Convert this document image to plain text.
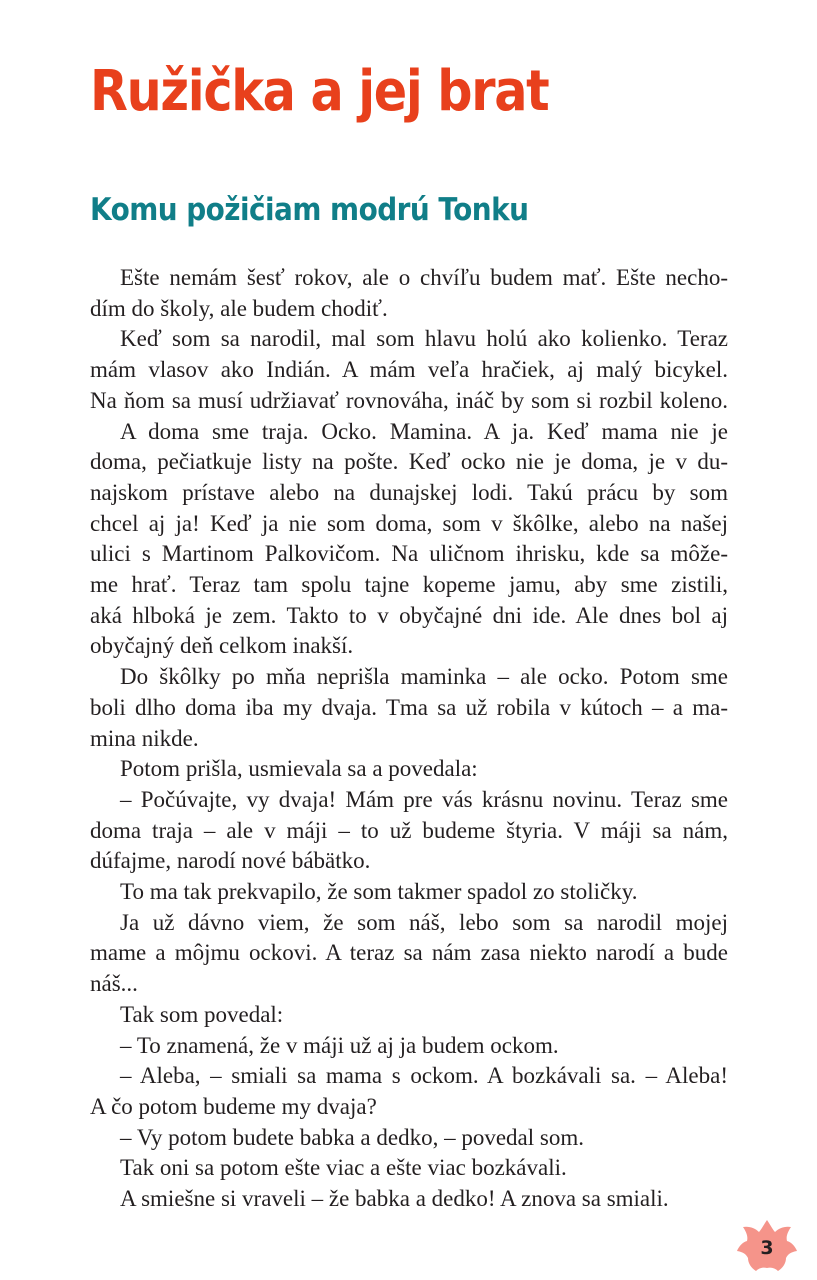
Ružička a jej brat
Komu požičiam modrú Tonku
Ešte nemám šesť rokov, ale o chvíľu budem mať. Ešte necho-
dím do školy, ale budem chodiť.
Keď som sa narodil, mal som hlavu holú ako kolienko. Teraz
mám vlasov ako Indián. A mám veľa hračiek, aj malý bicykel.
Na ňom sa musí udržiavať rovnováha, ináč by som si rozbil koleno.
A doma sme traja. Ocko. Mamina. A ja. Keď mama nie je
doma, pečiatkuje listy na pošte. Keď ocko nie je doma, je v du-
najskom prístave alebo na dunajskej lodi. Takú prácu by som
chcel aj ja! Keď ja nie som doma, som v škôlke, alebo na našej
ulici s Martinom Palkovičom. Na uličnom ihrisku, kde sa môže-
me hrať. Teraz tam spolu tajne kopeme jamu, aby sme zistili,
aká hlboká je zem. Takto to v obyčajné dni ide. Ale dnes bol aj
obyčajný deň celkom inakší.
Do škôlky po mňa neprišla maminka – ale ocko. Potom sme
boli dlho doma iba my dvaja. Tma sa už robila v kútoch – a ma-
mina nikde.
Potom prišla, usmievala sa a povedala:
– Počúvajte, vy dvaja! Mám pre vás krásnu novinu. Teraz sme
doma traja – ale v máji – to už budeme štyria. V máji sa nám,
dúfajme, narodí nové bábätko.
To ma tak prekvapilo, že som takmer spadol zo stoličky.
Ja už dávno viem, že som náš, lebo som sa narodil mojej
mame a môjmu ockovi. A teraz sa nám zasa niekto narodí a bude
náš...
Tak som povedal:
– To znamená, že v máji už aj ja budem ockom.
– Aleba, – smiali sa mama s ockom. A bozkávali sa. – Aleba!
A čo potom budeme my dvaja?
– Vy potom budete babka a dedko, – povedal som.
Tak oni sa potom ešte viac a ešte viac bozkávali.
A smiešne si vraveli – že babka a dedko! A znova sa smiali.
3
